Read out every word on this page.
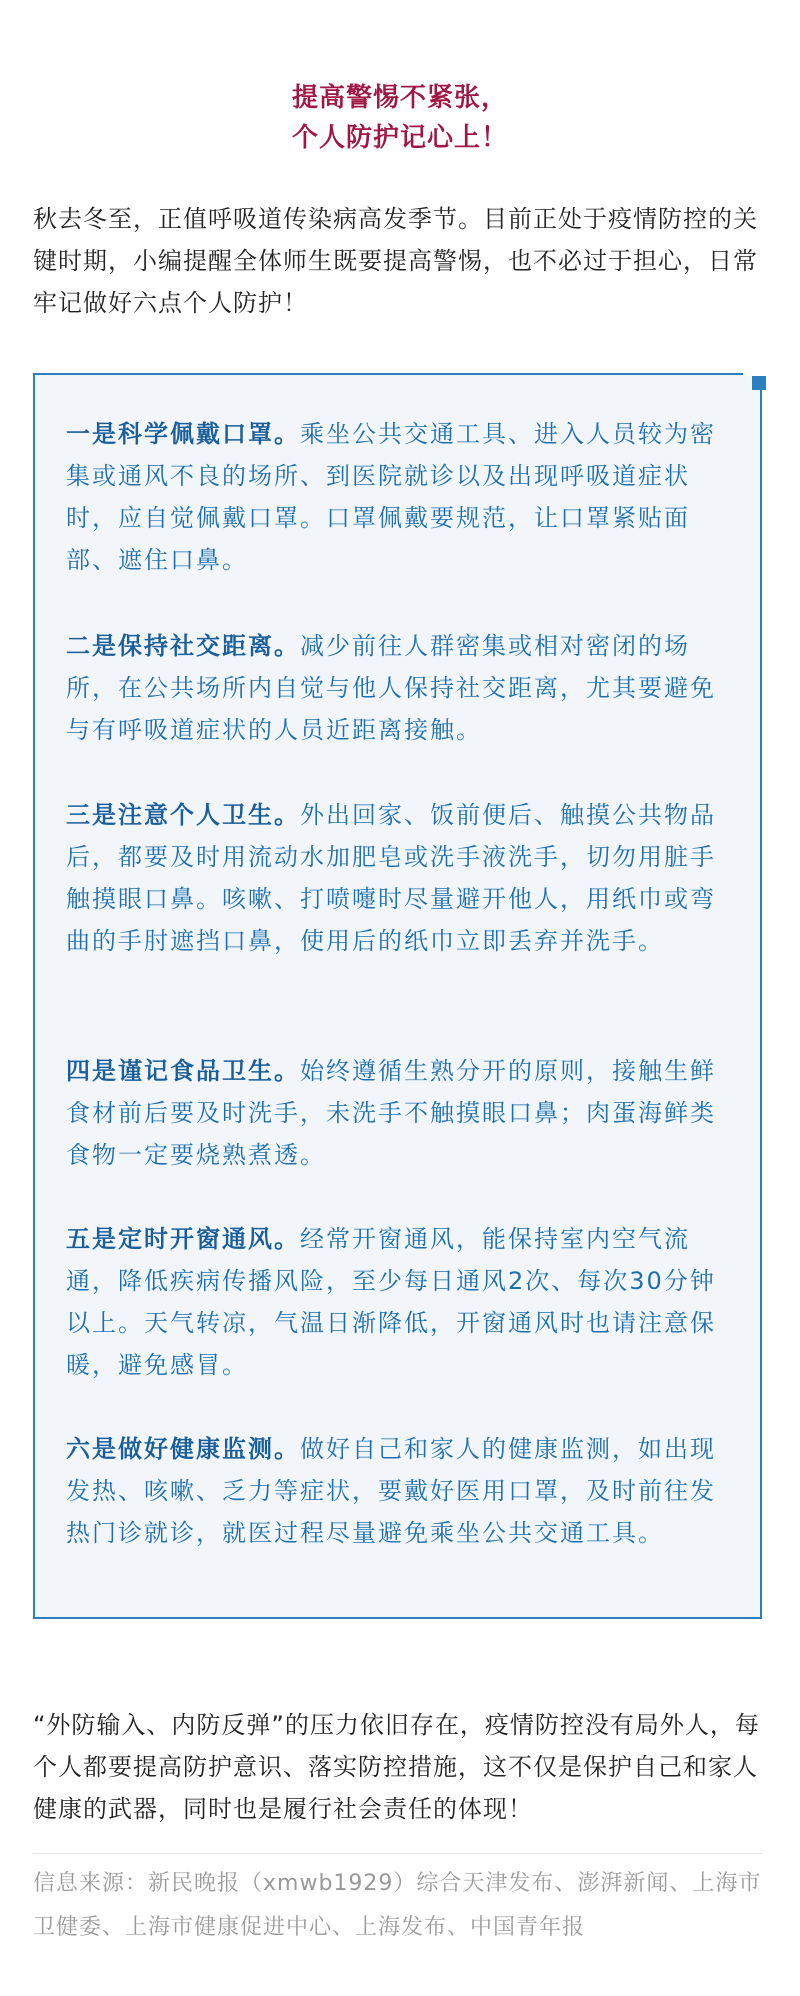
提高警惕不紧张，
个人防护记心上！
秋去冬至，正值呼吸道传染病高发季节。目前正处于疫情防控的关键时期，小编提醒全体师生既要提高警惕，也不必过于担心，日常牢记做好六点个人防护！
一是科学佩戴口罩。乘坐公共交通工具、进入人员较为密集或通风不良的场所、到医院就诊以及出现呼吸道症状时，应自觉佩戴口罩。口罩佩戴要规范，让口罩紧贴面部、遮住口鼻。
二是保持社交距离。减少前往人群密集或相对密闭的场所，在公共场所内自觉与他人保持社交距离，尤其要避免与有呼吸道症状的人员近距离接触。
三是注意个人卫生。外出回家、饭前便后、触摸公共物品后，都要及时用流动水加肥皂或洗手液洗手，切勿用脏手触摸眼口鼻。咳嗽、打喷嚏时尽量避开他人，用纸巾或弯曲的手肘遮挡口鼻，使用后的纸巾立即丢弃并洗手。
四是谨记食品卫生。始终遵循生熟分开的原则，接触生鲜食材前后要及时洗手，未洗手不触摸眼口鼻；肉蛋海鲜类食物一定要烧熟煮透。
五是定时开窗通风。经常开窗通风，能保持室内空气流通，降低疾病传播风险，至少每日通风2次、每次30分钟以上。天气转凉，气温日渐降低，开窗通风时也请注意保暖，避免感冒。
六是做好健康监测。做好自己和家人的健康监测，如出现发热、咳嗽、乏力等症状，要戴好医用口罩，及时前往发热门诊就诊，就医过程尽量避免乘坐公共交通工具。
“外防输入、内防反弹”的压力依旧存在，疫情防控没有局外人，每个人都要提高防护意识、落实防控措施，这不仅是保护自己和家人健康的武器，同时也是履行社会责任的体现！
信息来源：新民晚报（xmwb1929）综合天津发布、澎湃新闻、上海市卫健委、上海市健康促进中心、上海发布、中国青年报
